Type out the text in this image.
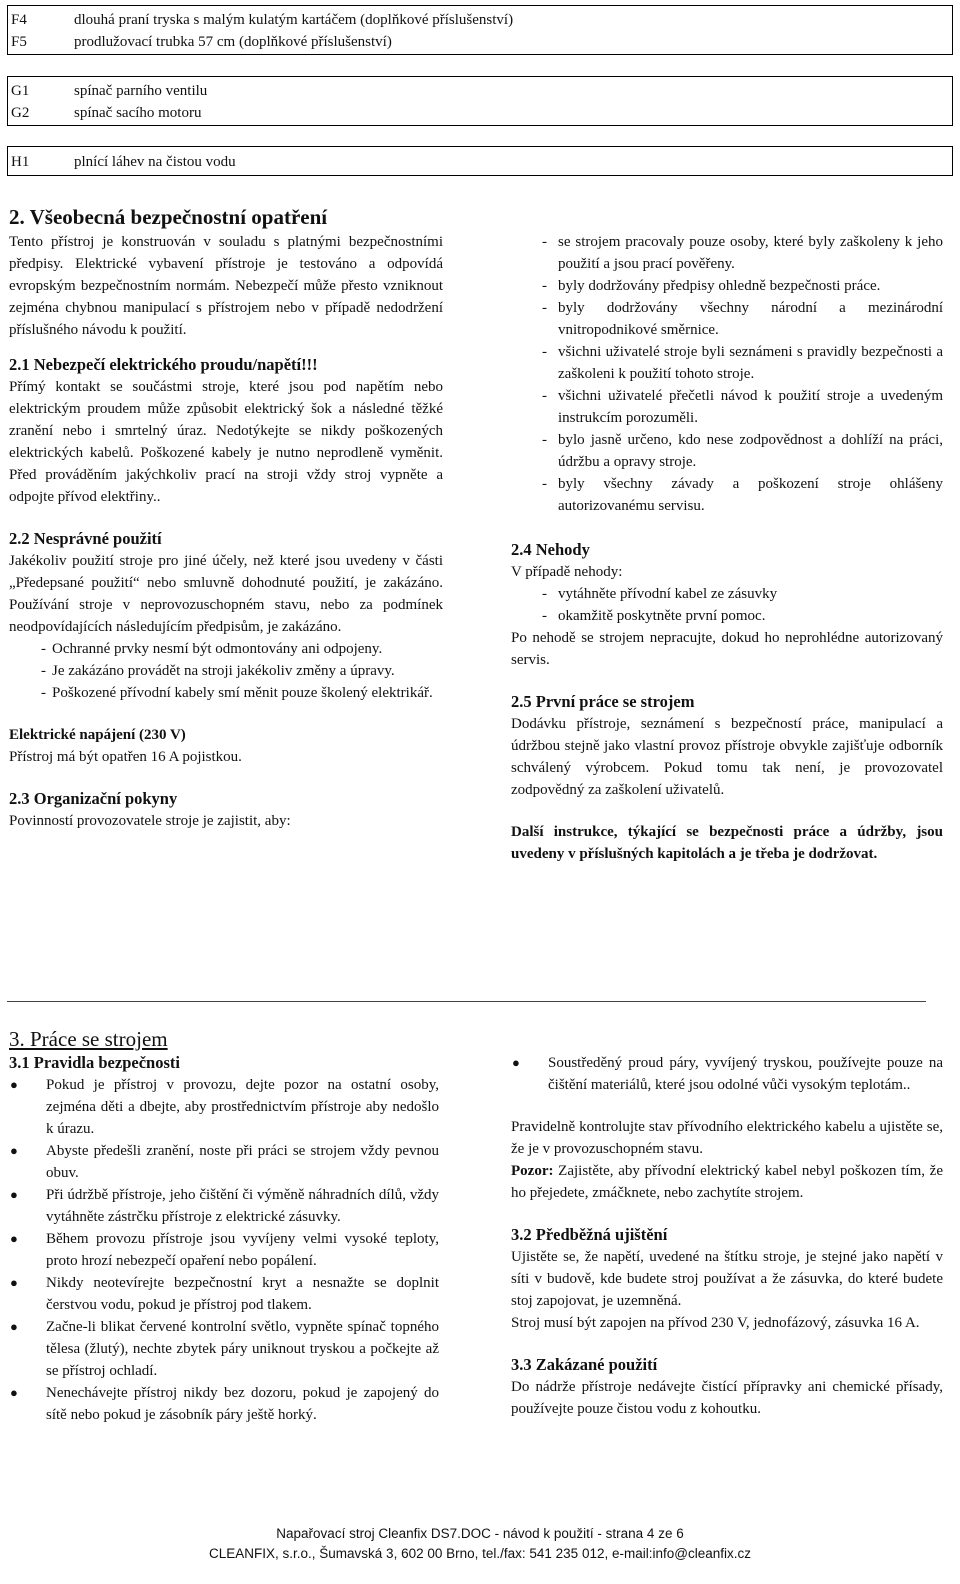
F4	dlouhá praní tryska s malým kulatým kartáčem (doplňkové příslušenství)
F5	prodlužovací trubka 57 cm (doplňkové příslušenství)
G1	spínač parního ventilu
G2	spínač sacího motoru
H1	plnící láhev na čistou vodu
2. Všeobecná bezpečnostní opatření

Tento přístroj je konstruován v souladu s platnými bezpečnostními předpisy. Elektrické vybavení přístroje je testováno a odpovídá evropským bezpečnostním normám. Nebezpečí může přesto vzniknout zejména chybnou manipulací s přístrojem nebo v případě nedodržení příslušného návodu k použití.

2.1 Nebezpečí elektrického proudu/napětí!!!

Přímý kontakt se součástmi stroje, které jsou pod napětím nebo elektrickým proudem může způsobit elektrický šok a následné těžké zranění nebo i smrtelný úraz. Nedotýkejte se nikdy poškozených elektrických kabelů. Poškozené kabely je nutno neprodleně vyměnit. Před prováděním jakýchkoliv prací na stroji vždy stroj vypněte a odpojte přívod elektřiny..

2.2 Nesprávné použití

Jakékoliv použití stroje pro jiné účely, než které jsou uvedeny v části „Předepsané použití“ nebo smluvně dohodnuté použití, je zakázáno. Používání stroje v neprovozuschopném stavu, nebo za podmínek neodpovídajících následujícím předpisům, je zakázáno.

- Ochranné prvky nesmí být odmontovány ani odpojeny.
- Je zakázáno provádět na stroji jakékoliv změny a úpravy.
- Poškozené přívodní kabely smí měnit pouze školený elektrikář.

Elektrické napájení (230 V)

Přístroj má být opatřen 16 A pojistkou.

2.3 Organizační pokyny

Povinností provozovatele stroje je zajistit, aby:

- se strojem pracovaly pouze osoby, které byly zaškoleny k jeho použití a jsou prací pověřeny.
- byly dodržovány předpisy ohledně bezpečnosti práce.
- byly dodržovány všechny národní a mezinárodní vnitropodnikové směrnice.
- všichni uživatelé stroje byli seznámeni s pravidly bezpečnosti a zaškoleni k použití tohoto stroje.
- všichni uživatelé přečetli návod k použití stroje a uvedeným instrukcím porozuměli.
- bylo jasně určeno, kdo nese zodpovědnost a dohlíží na práci, údržbu a opravy stroje.
- byly všechny závady a poškození stroje ohlášeny autorizovanému servisu.
2.4 Nehody

V případě nehody:

- vytáhněte přívodní kabel ze zásuvky
- okamžitě poskytněte první pomoc.

Po nehodě se strojem nepracujte, dokud ho neprohlédne autorizovaný servis.

2.5 První práce se strojem

Dodávku přístroje, seznámení s bezpečností práce, manipulací a údržbou stejně jako vlastní provoz přístroje obvykle zajišťuje odborník schválený výrobcem. Pokud tomu tak není, je provozovatel zodpovědný za zaškolení uživatelů.

Další instrukce, týkající se bezpečnosti práce a údržby, jsou uvedeny v příslušných kapitolách a je třeba je dodržovat.

3. Práce se strojem
3.1 Pravidla bezpečnosti
●	Pokud je přístroj v provozu, dejte pozor na ostatní osoby, zejména děti a dbejte, aby prostřednictvím přístroje aby nedošlo k úrazu.
●	Abyste předešli zranění, noste při práci se strojem vždy pevnou obuv.
●	Při údržbě přístroje, jeho čištění či výměně náhradních dílů, vždy vytáhněte zástrčku přístroje z elektrické zásuvky.
●	Během provozu přístroje jsou vyvíjeny velmi vysoké teploty, proto hrozí nebezpečí opaření nebo popálení.
●	Nikdy neotevírejte bezpečnostní kryt a nesnažte se doplnit čerstvou vodu, pokud je přístroj pod tlakem.
●	Začne-li blikat červené kontrolní světlo, vypněte spínač topného tělesa (žlutý), nechte zbytek páry uniknout tryskou a počkejte až se přístroj ochladí.
●	Nenechávejte přístroj nikdy bez dozoru, pokud je zapojený do sítě nebo pokud je zásobník páry ještě horký.
●	Soustředěný proud páry, vyvíjený tryskou, používejte pouze na čištění materiálů, které jsou odolné vůči vysokým teplotám..

Pravidelně kontrolujte stav přívodního elektrického kabelu a ujistěte se, že je v provozuschopném stavu.

Pozor: Zajistěte, aby přívodní elektrický kabel nebyl poškozen tím, že ho přejedete, zmáčknete, nebo zachytíte strojem.

3.2 Předběžná ujištění

Ujistěte se, že napětí, uvedené na štítku stroje, je stejné jako napětí v síti v budově, kde budete stroj používat a že zásuvka, do které budete stoj zapojovat, je uzemněná.

Stroj musí být zapojen na přívod 230 V, jednofázový, zásuvka 16 A.

3.3 Zakázané použití

Do nádrže přístroje nedávejte čistící přípravky ani chemické přísady, používejte pouze čistou vodu z kohoutku.

Napařovací stroj Cleanfix DS7.DOC - návod k použití - strana 4 ze 6
CLEANFIX, s.r.o., Šumavská 3, 602 00 Brno, tel./fax: 541 235 012, e-mail:info@cleanfix.cz
